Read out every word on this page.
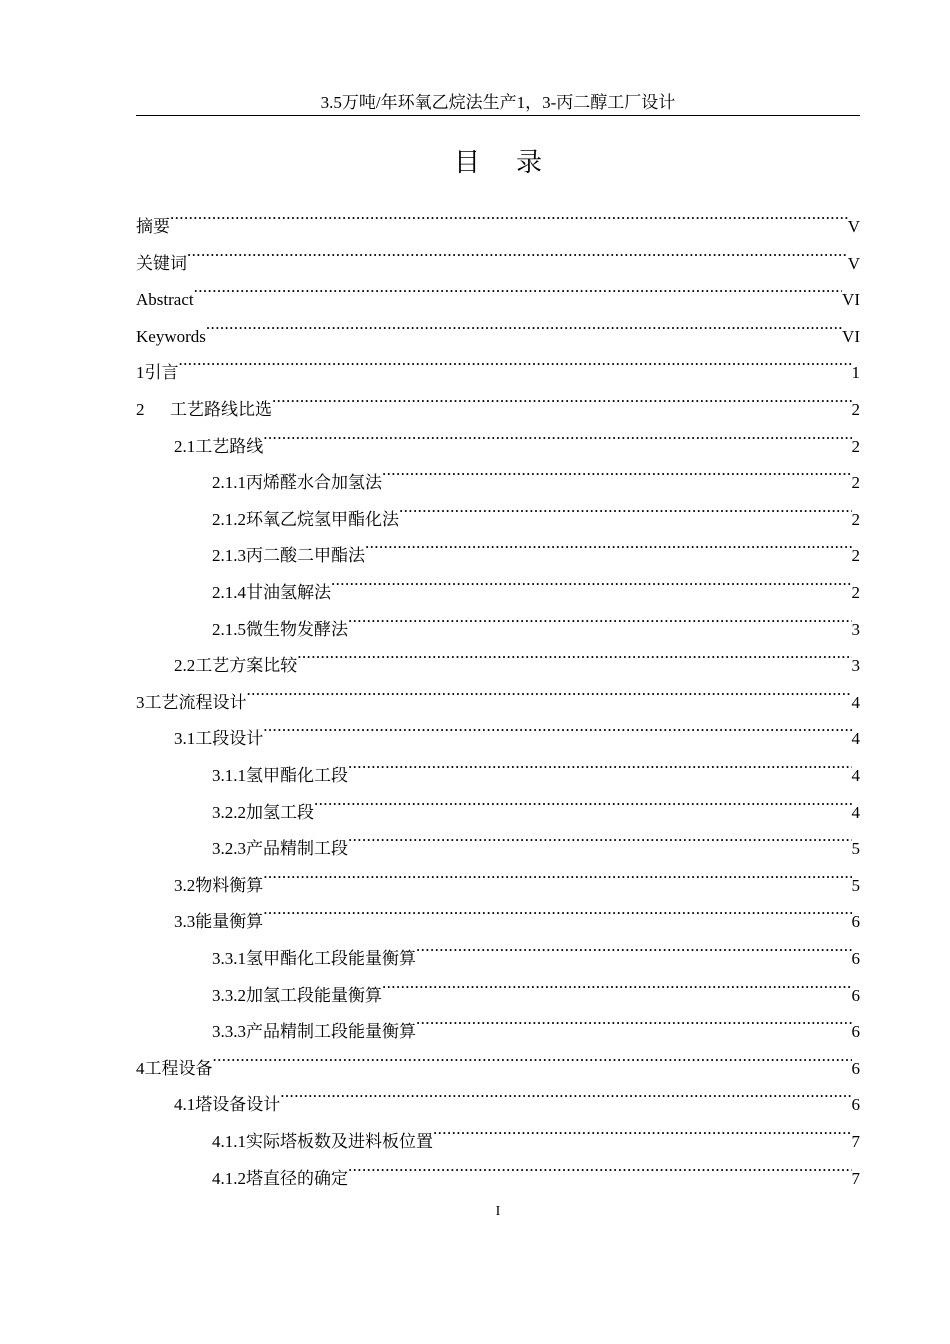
3.5万吨/年环氧乙烷法生产1，3-丙二醇工厂设计
目录
摘要 .....	V
关键词 .....	V
Abstract .....	VI
Keywords .....	VI
1引言 .....	1
2 工艺路线比选 .....	2
2.1工艺路线 .....	2
2.1.1丙烯醛水合加氢法 .....	2
2.1.2环氧乙烷氢甲酯化法 .....	2
2.1.3丙二酸二甲酯法 .....	2
2.1.4甘油氢解法 .....	2
2.1.5微生物发酵法 .....	3
2.2工艺方案比较 .....	3
3工艺流程设计 .....	4
3.1工段设计 .....	4
3.1.1氢甲酯化工段 .....	4
3.2.2加氢工段 .....	4
3.2.3产品精制工段 .....	5
3.2物料衡算 .....	5
3.3能量衡算 .....	6
3.3.1氢甲酯化工段能量衡算 .....	6
3.3.2加氢工段能量衡算 .....	6
3.3.3产品精制工段能量衡算 .....	6
4工程设备 .....	6
4.1塔设备设计 .....	6
4.1.1实际塔板数及进料板位置 .....	7
4.1.2塔直径的确定 .....	7
I
